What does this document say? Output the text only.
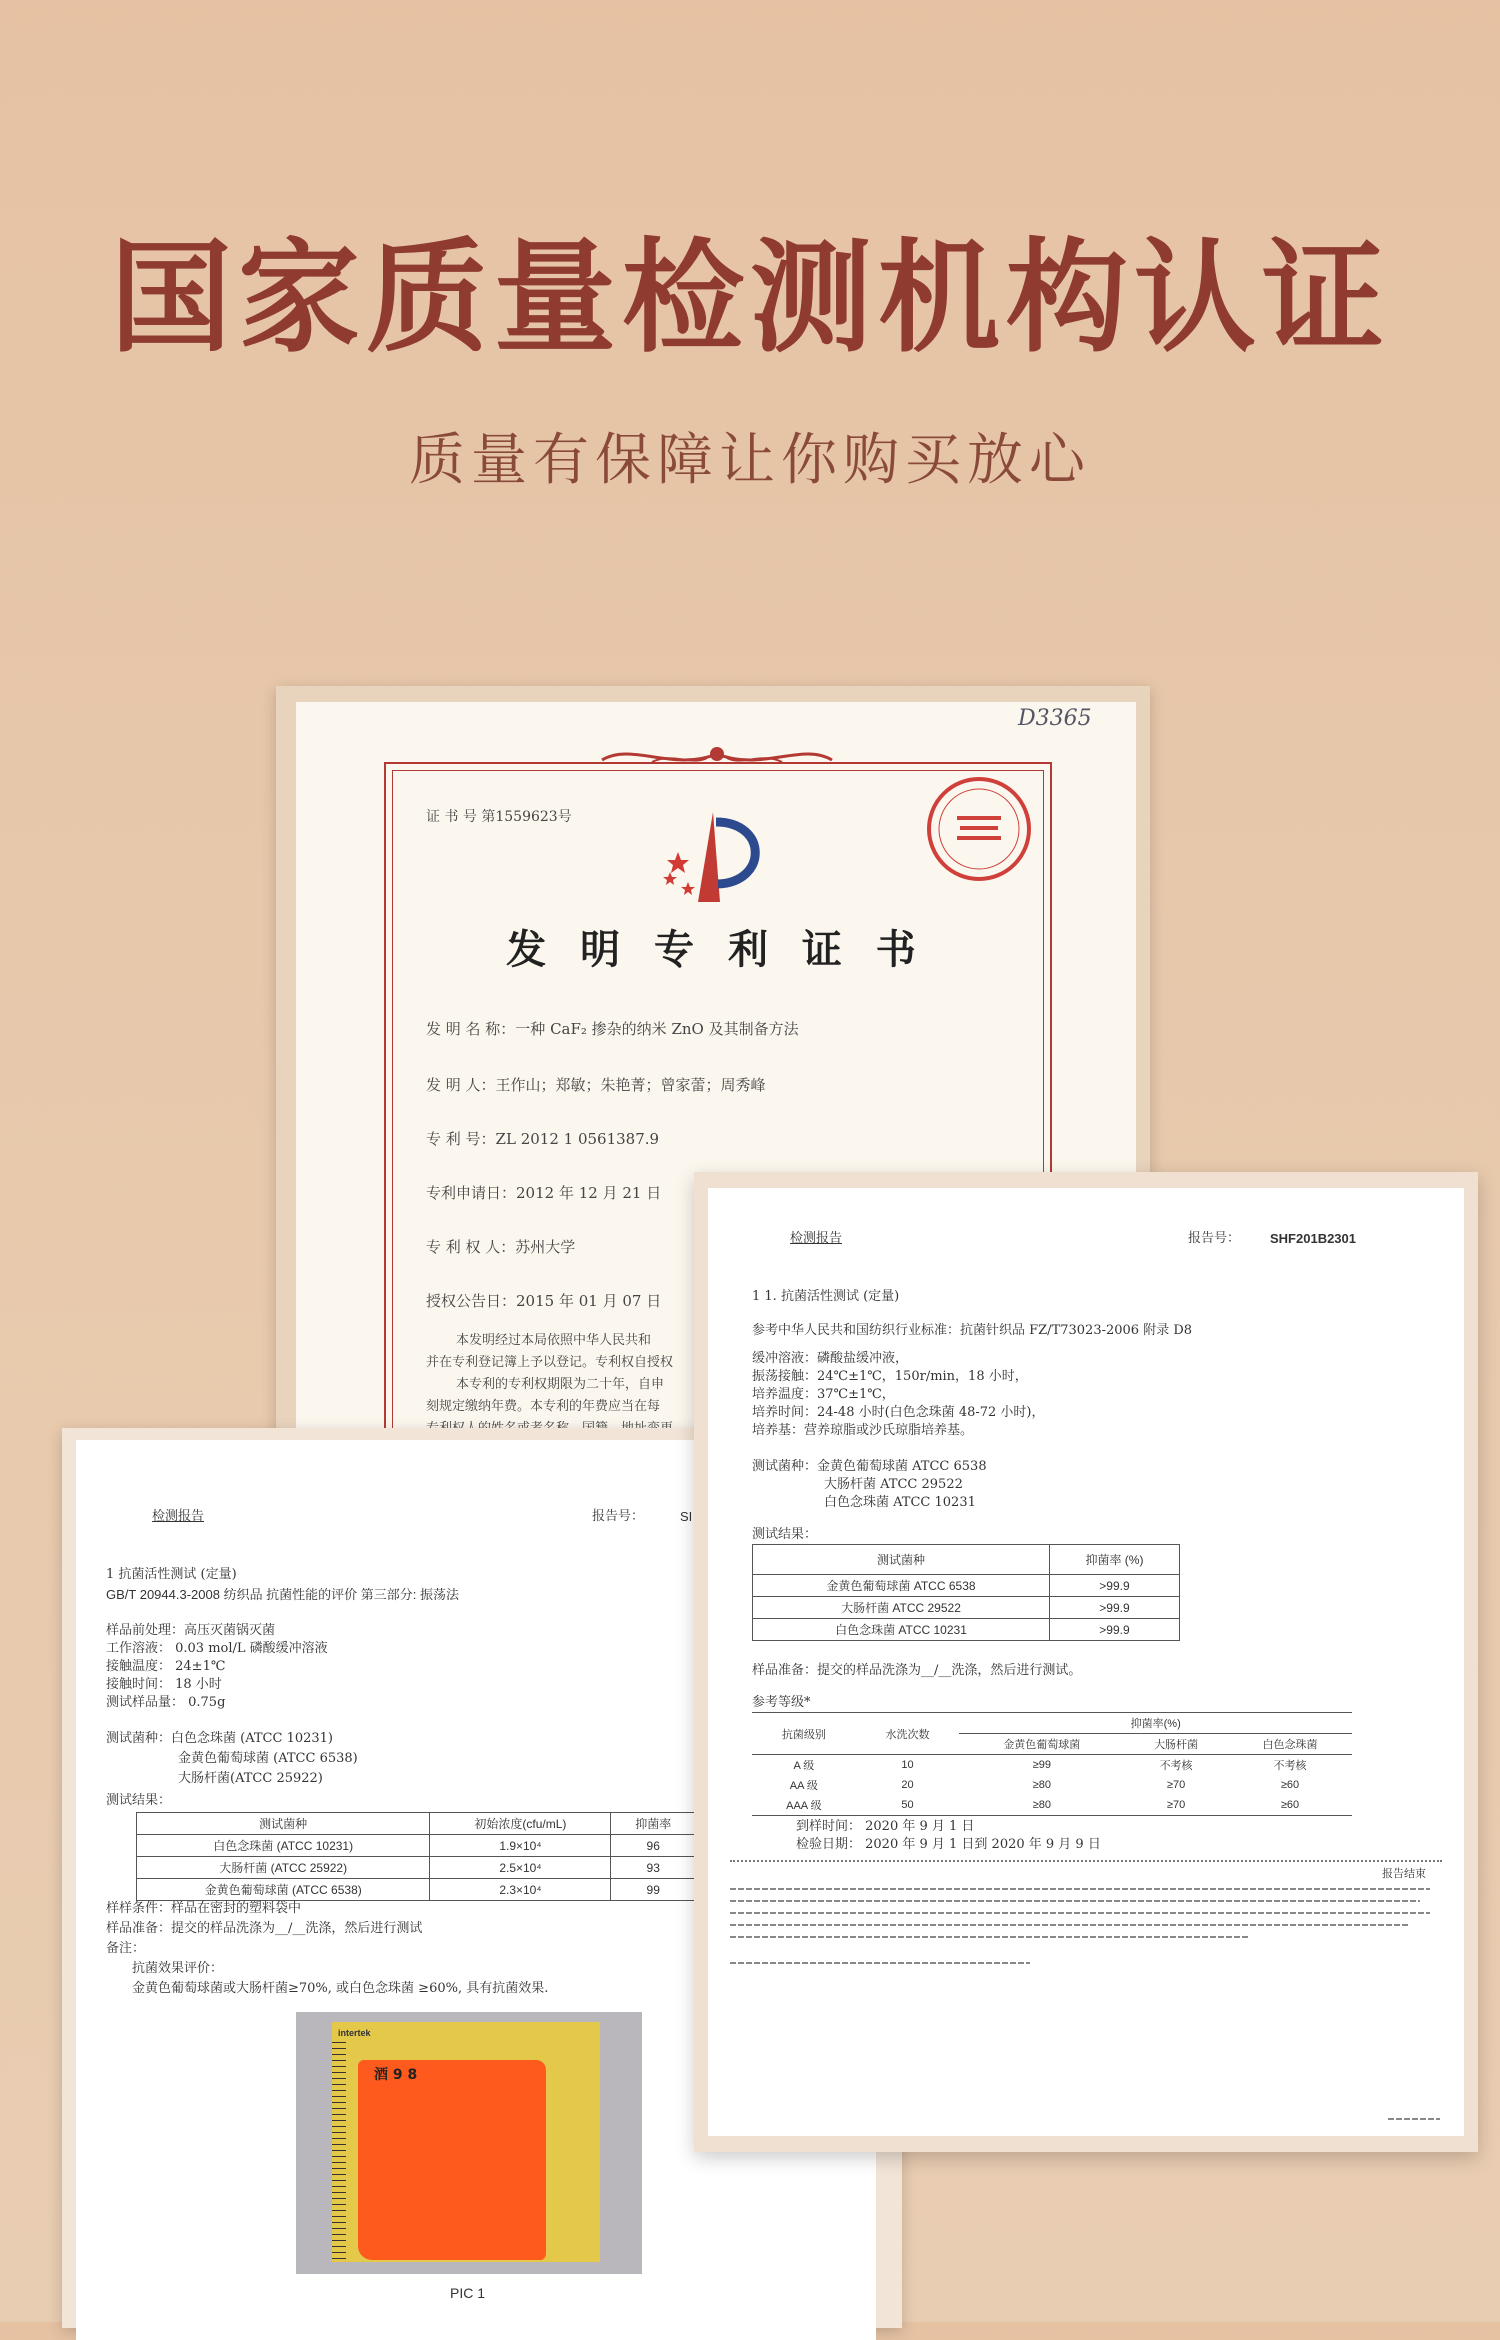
国家质量检测机构认证
质量有保障让你购买放心
D3365
证 书 号 第1559623号
发 明 专 利 证 书
发 明 名 称：一种 CaF₂ 掺杂的纳米 ZnO 及其制备方法
发 明 人：王作山；郑敏；朱艳菁；曾家蕾；周秀峰
专 利 号：ZL 2012 1 0561387.9
专利申请日：2012 年 12 月 21 日
专 利 权 人：苏州大学
授权公告日：2015 年 01 月 07 日
本发明经过本局依照中华人民共和
并在专利登记簿上予以登记。专利权自授权
本专利的专利权期限为二十年，自申
刻规定缴纳年费。本专利的年费应当在每
检测报告	报告号：	SI
1 抗菌活性测试 (定量)
GB/T 20944.3-2008 纺织品 抗菌性能的评价 第三部分: 振荡法
样品前处理：高压灭菌锅灭菌
工作溶液： 0.03 mol/L 磷酸缓冲溶液
接触温度： 24±1℃
接触时间： 18 小时
测试样品量： 0.75g
测试菌种：白色念珠菌 (ATCC 10231)
金黄色葡萄球菌 (ATCC 6538)
大肠杆菌(ATCC 25922)
测试结果：
测试菌种	初始浓度(cfu/mL)	抑菌率
白色念珠菌 (ATCC 10231)	1.9×10⁴	96
大肠杆菌 (ATCC 25922)	2.5×10⁴	93
金黄色葡萄球菌 (ATCC 6538)	2.3×10⁴	99
样样条件：样品在密封的塑料袋中
样品准备：提交的样品洗涤为__/__洗涤，然后进行测试
备注：
抗菌效果评价：
金黄色葡萄球菌或大肠杆菌≥70%, 或白色念珠菌 ≥60%, 具有抗菌效果.
intertek
酒 9 8
PIC 1
检测报告	报告号： SHF201B2301
1 1. 抗菌活性测试 (定量)
参考中华人民共和国纺织行业标准：抗菌针织品 FZ/T73023-2006 附录 D8
缓冲溶液：磷酸盐缓冲液，
振荡接触：24℃±1℃，150r/min，18 小时，
培养温度：37℃±1℃，
培养时间：24-48 小时(白色念珠菌 48-72 小时)，
培养基：营养琼脂或沙氏琼脂培养基。
测试菌种：金黄色葡萄球菌 ATCC 6538
大肠杆菌 ATCC 29522
白色念珠菌 ATCC 10231
测试结果：
测试菌种	抑菌率 (%)
金黄色葡萄球菌 ATCC 6538	>99.9
大肠杆菌 ATCC 29522	>99.9
白色念珠菌 ATCC 10231	>99.9
样品准备：提交的样品洗涤为__/__洗涤，然后进行测试。
参考等级*
抗菌级别	水洗次数	抑菌率(%)		
		金黄色葡萄球菌	大肠杆菌	白色念珠菌
A 级	10	≥99	不考核	不考核
AA 级	20	≥80	≥70	≥60
AAA 级	50	≥80	≥70	≥60
到样时间： 2020 年 9 月 1 日
检验日期： 2020 年 9 月 1 日到 2020 年 9 月 9 日
报告结束
